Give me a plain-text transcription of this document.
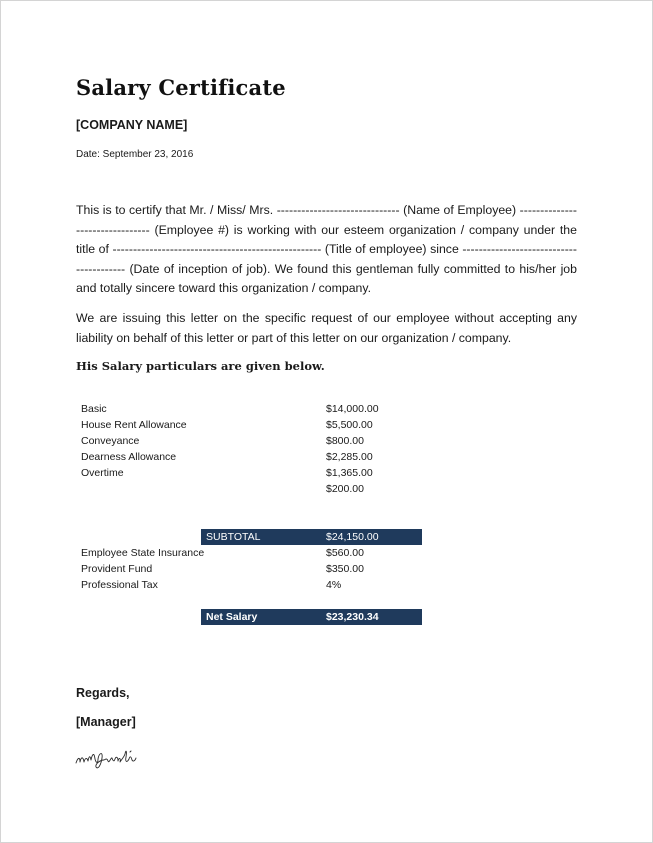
Salary Certificate
[COMPANY NAME]
Date: September 23, 2016

This is to certify that Mr. / Miss/ Mrs. ------------------------------ (Name of Employee) -------------------------------- (Employee #) is working with our esteem organization / company under the title of --------------------------------------------------- (Title of employee) since ---------------------------------------- (Date of inception of job). We found this gentleman fully committed to his/her job and totally sincere toward this organization / company.

We are issuing this letter on the specific request of our employee without accepting any liability on behalf of this letter or part of this letter on our organization / company.

His Salary particulars are given below.
Basic	$14,000.00
House Rent Allowance	$5,500.00
Conveyance	$800.00
Dearness Allowance	$2,285.00
Overtime	$1,365.00
$200.00
SUBTOTAL	$24,150.00
Employee State Insurance	$560.00
Provident Fund	$350.00
Professional Tax	4%
Net Salary	$23,230.34
Regards,
[Manager]
